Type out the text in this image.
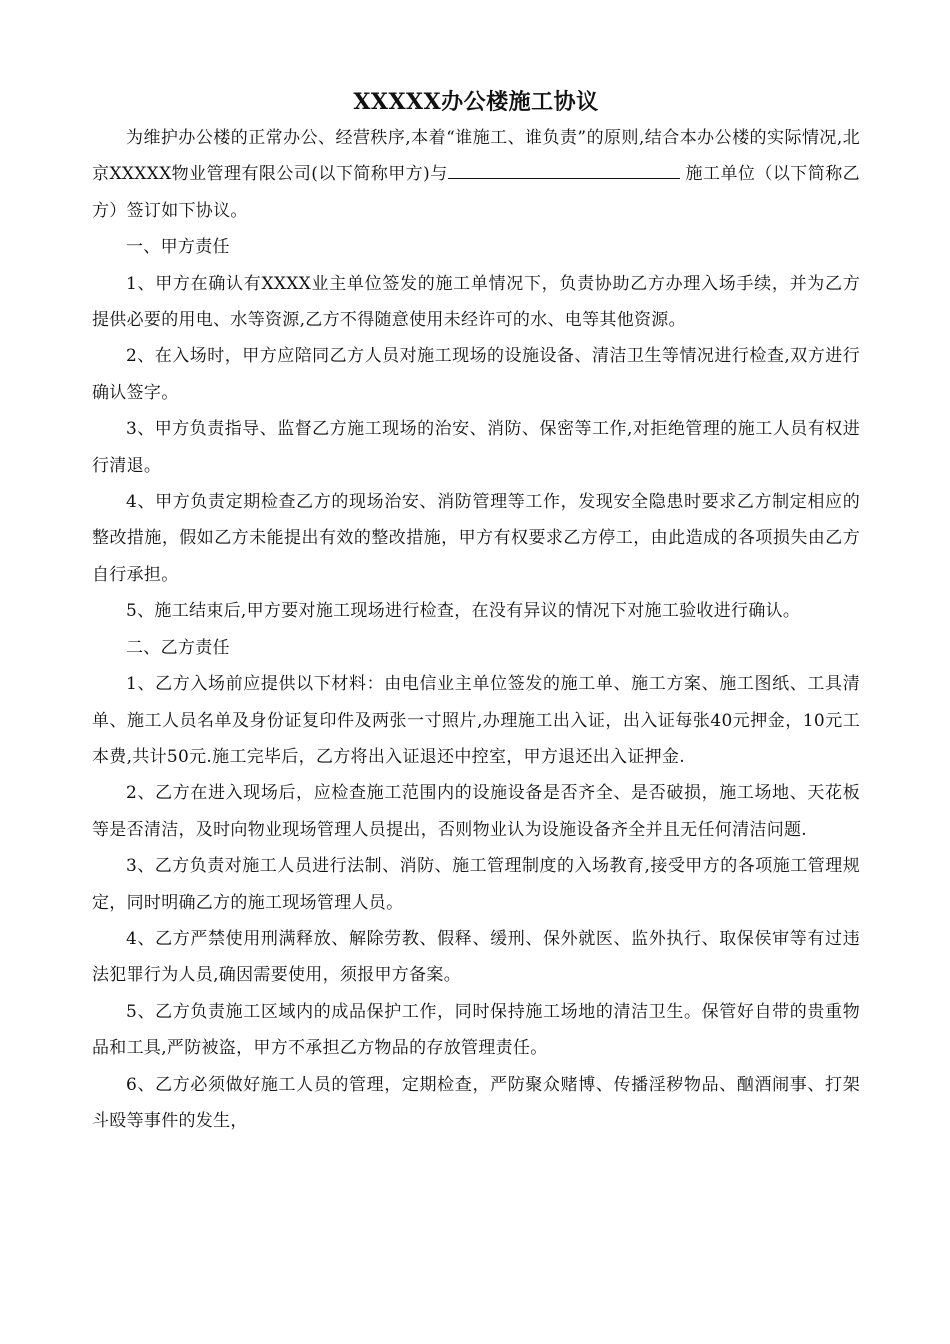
XXXXX办公楼施工协议

为维护办公楼的正常办公、经营秩序,本着“谁施工、谁负责”的原则,结合本办公楼的实际情况,北京XXXXX物业管理有限公司(以下简称甲方)与	施工单位（以下简称乙方）签订如下协议。

一、甲方责任

1、甲方在确认有XXXX业主单位签发的施工单情况下，负责协助乙方办理入场手续，并为乙方提供必要的用电、水等资源,乙方不得随意使用未经许可的水、电等其他资源。

2、在入场时，甲方应陪同乙方人员对施工现场的设施设备、清洁卫生等情况进行检查,双方进行确认签字。

3、甲方负责指导、监督乙方施工现场的治安、消防、保密等工作,对拒绝管理的施工人员有权进行清退。

4、甲方负责定期检查乙方的现场治安、消防管理等工作，发现安全隐患时要求乙方制定相应的整改措施，假如乙方未能提出有效的整改措施，甲方有权要求乙方停工，由此造成的各项损失由乙方自行承担。

5、施工结束后,甲方要对施工现场进行检查，在没有异议的情况下对施工验收进行确认。

二、乙方责任

1、乙方入场前应提供以下材料：由电信业主单位签发的施工单、施工方案、施工图纸、工具清单、施工人员名单及身份证复印件及两张一寸照片,办理施工出入证，出入证每张40元押金，10元工本费,共计50元.施工完毕后，乙方将出入证退还中控室，甲方退还出入证押金.

2、乙方在进入现场后，应检查施工范围内的设施设备是否齐全、是否破损，施工场地、天花板等是否清洁，及时向物业现场管理人员提出，否则物业认为设施设备齐全并且无任何清洁问题.

3、乙方负责对施工人员进行法制、消防、施工管理制度的入场教育,接受甲方的各项施工管理规定，同时明确乙方的施工现场管理人员。

4、乙方严禁使用刑满释放、解除劳教、假释、缓刑、保外就医、监外执行、取保侯审等有过违法犯罪行为人员,确因需要使用，须报甲方备案。

5、乙方负责施工区域内的成品保护工作，同时保持施工场地的清洁卫生。保管好自带的贵重物品和工具,严防被盗，甲方不承担乙方物品的存放管理责任。

6、乙方必须做好施工人员的管理，定期检查，严防聚众赌博、传播淫秽物品、酗酒闹事、打架斗殴等事件的发生，
